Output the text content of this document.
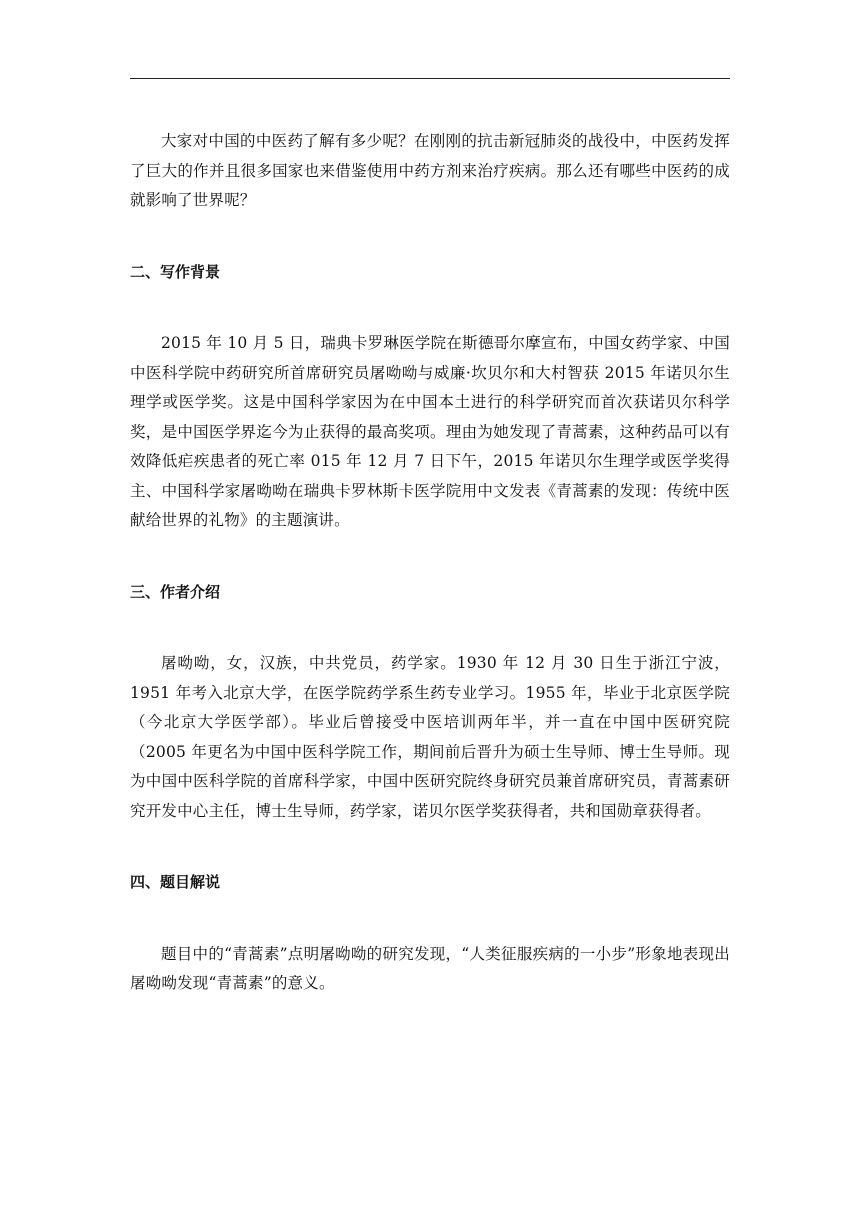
大家对中国的中医药了解有多少呢？在刚刚的抗击新冠肺炎的战役中，中医药发挥了巨大的作并且很多国家也来借鉴使用中药方剂来治疗疾病。那么还有哪些中医药的成就影响了世界呢？

二、写作背景

2015 年 10 月 5 日，瑞典卡罗琳医学院在斯德哥尔摩宣布，中国女药学家、中国中医科学院中药研究所首席研究员屠呦呦与威廉·坎贝尔和大村智获 2015 年诺贝尔生理学或医学奖。这是中国科学家因为在中国本土进行的科学研究而首次获诺贝尔科学奖，是中国医学界迄今为止获得的最高奖项。理由为她发现了青蒿素，这种药品可以有效降低疟疾患者的死亡率 015 年 12 月 7 日下午，2015 年诺贝尔生理学或医学奖得主、中国科学家屠呦呦在瑞典卡罗林斯卡医学院用中文发表《青蒿素的发现：传统中医献给世界的礼物》的主题演讲。

三、作者介绍

屠呦呦，女，汉族，中共党员，药学家。1930 年 12 月 30 日生于浙江宁波，1951 年考入北京大学，在医学院药学系生药专业学习。1955 年，毕业于北京医学院（今北京大学医学部）。毕业后曾接受中医培训两年半，并一直在中国中医研究院（2005 年更名为中国中医科学院工作，期间前后晋升为硕士生导师、博士生导师。现为中国中医科学院的首席科学家，中国中医研究院终身研究员兼首席研究员，青蒿素研究开发中心主任，博士生导师，药学家，诺贝尔医学奖获得者，共和国勋章获得者。

四、题目解说

题目中的“青蒿素”点明屠呦呦的研究发现，“人类征服疾病的一小步”形象地表现出屠呦呦发现“青蒿素”的意义。
